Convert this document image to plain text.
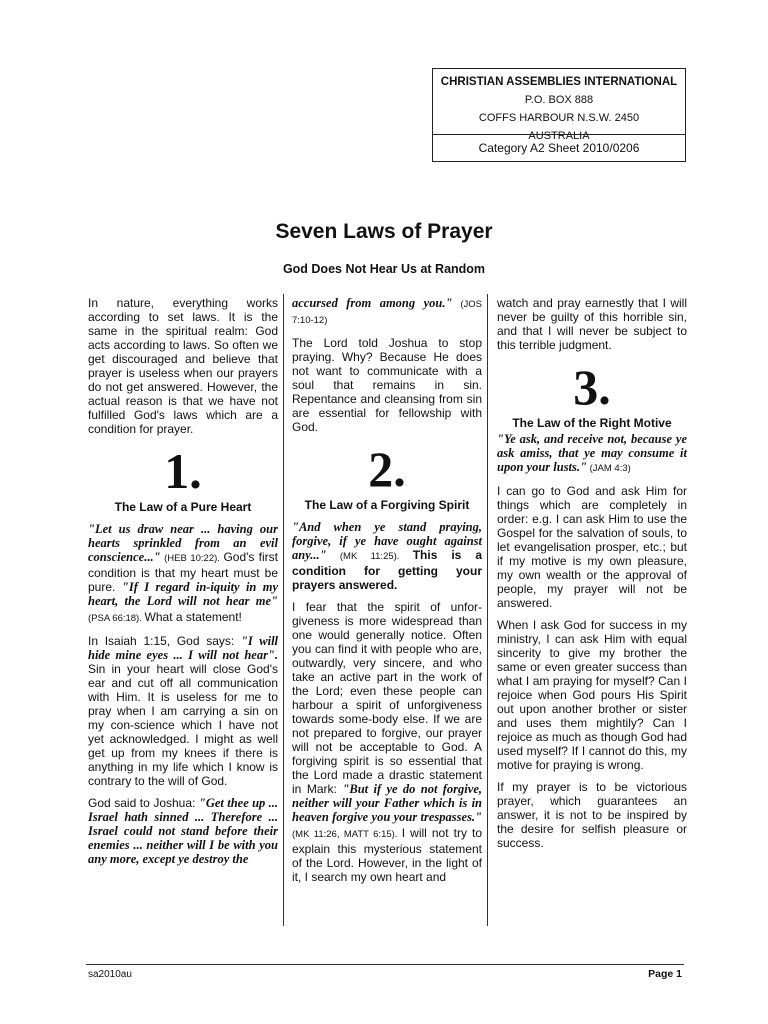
CHRISTIAN ASSEMBLIES INTERNATIONAL
P.O. BOX 888
COFFS HARBOUR N.S.W. 2450
AUSTRALIA
Category A2 Sheet 2010/0206
Seven Laws of Prayer
God Does Not Hear Us at Random

In nature, everything works according to set laws. It is the same in the spiritual realm: God acts according to laws. So often we get discouraged and believe that prayer is useless when our prayers do not get answered. However, the actual reason is that we have not fulfilled God's laws which are a condition for prayer.

1.
The Law of a Pure Heart

"Let us draw near ... having our hearts sprinkled from an evil conscience..." (HEB 10:22). God's first condition is that my heart must be pure. "If I regard in-iquity in my heart, the Lord will not hear me" (PSA 66:18). What a statement!

In Isaiah 1:15, God says: "I will hide mine eyes ... I will not hear". Sin in your heart will close God's ear and cut off all communication with Him. It is useless for me to pray when I am carrying a sin on my con-science which I have not yet acknowledged. I might as well get up from my knees if there is anything in my life which I know is contrary to the will of God.

God said to Joshua: "Get thee up ... Israel hath sinned ... Therefore ... Israel could not stand before their enemies ... neither will I be with you any more, except ye destroy the

accursed from among you." (JOS 7:10-12)

The Lord told Joshua to stop praying. Why? Because He does not want to communicate with a soul that remains in sin. Repentance and cleansing from sin are essential for fellowship with God.

2.
The Law of a Forgiving Spirit

"And when ye stand praying, forgive, if ye have ought against any..." (MK 11:25). This is a condition for getting your prayers answered.

I fear that the spirit of unfor-giveness is more widespread than one would generally notice. Often you can find it with people who are, outwardly, very sincere, and who take an active part in the work of the Lord; even these people can harbour a spirit of unforgiveness towards some-body else. If we are not prepared to forgive, our prayer will not be acceptable to God. A forgiving spirit is so essential that the Lord made a drastic statement in Mark: "But if ye do not forgive, neither will your Father which is in heaven forgive you your trespasses." (MK 11:26, MATT 6:15). I will not try to explain this mysterious statement of the Lord. However, in the light of it, I search my own heart and

watch and pray earnestly that I will never be guilty of this horrible sin, and that I will never be subject to this terrible judgment.

3.
The Law of the Right Motive

"Ye ask, and receive not, because ye ask amiss, that ye may consume it upon your lusts." (JAM 4:3)

I can go to God and ask Him for things which are completely in order: e.g. I can ask Him to use the Gospel for the salvation of souls, to let evangelisation prosper, etc.; but if my motive is my own pleasure, my own wealth or the approval of people, my prayer will not be answered.

When I ask God for success in my ministry, I can ask Him with equal sincerity to give my brother the same or even greater success than what I am praying for myself? Can I rejoice when God pours His Spirit out upon another brother or sister and uses them mightily? Can I rejoice as much as though God had used myself? If I cannot do this, my motive for praying is wrong.

If my prayer is to be victorious prayer, which guarantees an answer, it is not to be inspired by the desire for selfish pleasure or success.

sa2010au	Page 1
